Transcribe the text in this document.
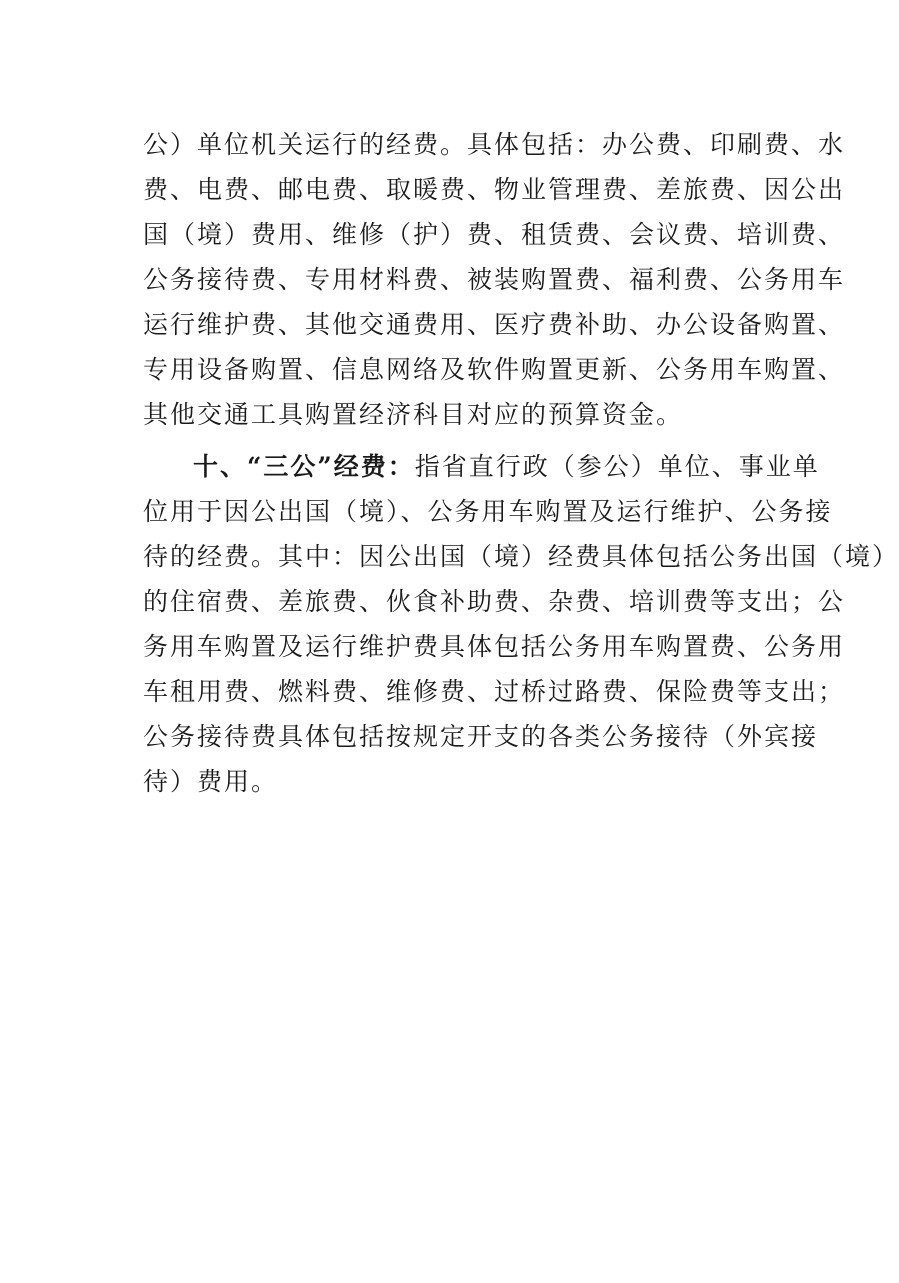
公）单位机关运行的经费。具体包括：办公费、印刷费、水
费、电费、邮电费、取暖费、物业管理费、差旅费、因公出
国（境）费用、维修（护）费、租赁费、会议费、培训费、
公务接待费、专用材料费、被装购置费、福利费、公务用车
运行维护费、其他交通费用、医疗费补助、办公设备购置、
专用设备购置、信息网络及软件购置更新、公务用车购置、
其他交通工具购置经济科目对应的预算资金。
十、“三公”经费：指省直行政（参公）单位、事业单
位用于因公出国（境）、公务用车购置及运行维护、公务接
待的经费。其中：因公出国（境）经费具体包括公务出国（境）
的住宿费、差旅费、伙食补助费、杂费、培训费等支出；公
务用车购置及运行维护费具体包括公务用车购置费、公务用
车租用费、燃料费、维修费、过桥过路费、保险费等支出；
公务接待费具体包括按规定开支的各类公务接待（外宾接
待）费用。
